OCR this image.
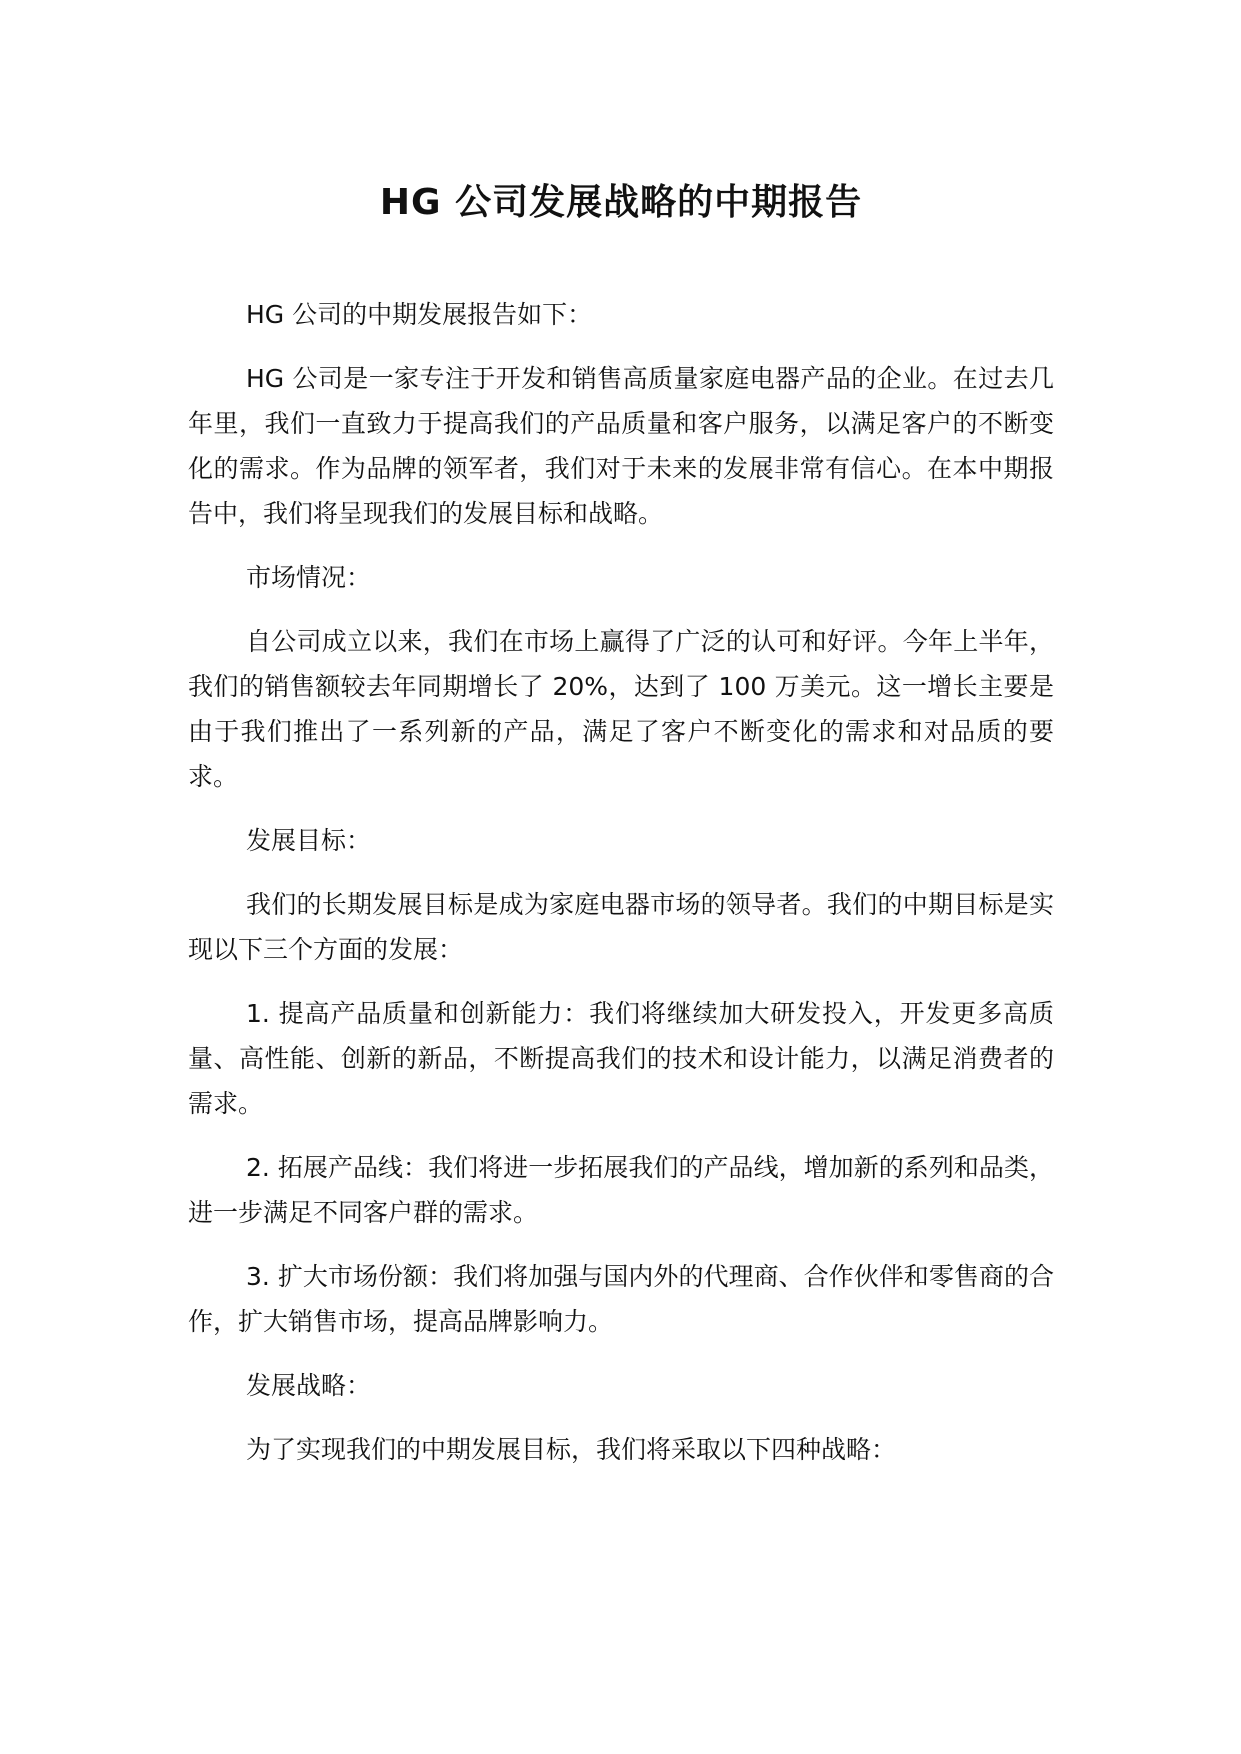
HG 公司发展战略的中期报告

HG 公司的中期发展报告如下：

HG 公司是一家专注于开发和销售高质量家庭电器产品的企业。在过去几年里，我们一直致力于提高我们的产品质量和客户服务，以满足客户的不断变化的需求。作为品牌的领军者，我们对于未来的发展非常有信心。在本中期报告中，我们将呈现我们的发展目标和战略。

市场情况：

自公司成立以来，我们在市场上赢得了广泛的认可和好评。今年上半年，我们的销售额较去年同期增长了 20%，达到了 100 万美元。这一增长主要是由于我们推出了一系列新的产品，满足了客户不断变化的需求和对品质的要求。

发展目标：

我们的长期发展目标是成为家庭电器市场的领导者。我们的中期目标是实现以下三个方面的发展：

1. 提高产品质量和创新能力：我们将继续加大研发投入，开发更多高质量、高性能、创新的新品，不断提高我们的技术和设计能力，以满足消费者的需求。

2. 拓展产品线：我们将进一步拓展我们的产品线，增加新的系列和品类，进一步满足不同客户群的需求。

3. 扩大市场份额：我们将加强与国内外的代理商、合作伙伴和零售商的合作，扩大销售市场，提高品牌影响力。

发展战略：

为了实现我们的中期发展目标，我们将采取以下四种战略：
